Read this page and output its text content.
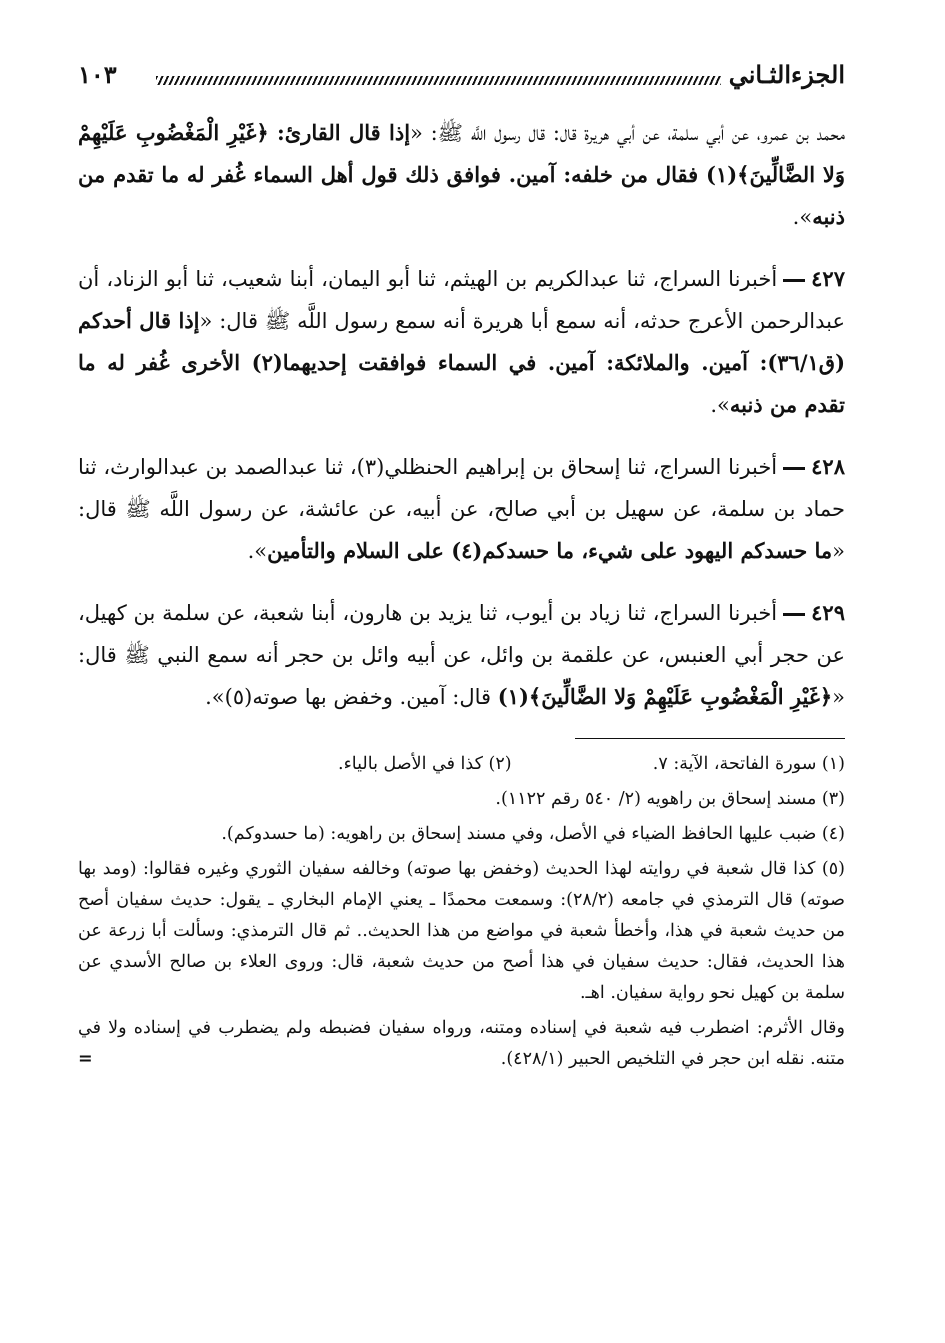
الجزءالثـاني
١٠٣

محمد بن عمرو، عن أبي سلمة، عن أبي هريرة قال: قال رسول اللَّه ﷺ: «إذا قال القارئ: ﴿غَيْرِ الْمَغْضُوبِ عَلَيْهِمْ وَلا الضَّالِّينَ﴾(١) فقال من خلفه: آمين. فوافق ذلك قول أهل السماء غُفر له ما تقدم من ذنبه».

٤٢٧أخبرنا السراج، ثنا عبدالكريم بن الهيثم، ثنا أبو اليمان، أبنا شعيب، ثنا أبو الزناد، أن عبدالرحمن الأعرج حدثه، أنه سمع أبا هريرة أنه سمع رسول اللَّه ﷺ قال: «إذا قال أحدكم (ق٣٦/١): آمين. والملائكة: آمين. في السماء فوافقت إحديهما(٢) الأخرى غُفر له ما تقدم من ذنبه».

٤٢٨أخبرنا السراج، ثنا إسحاق بن إبراهيم الحنظلي(٣)، ثنا عبدالصمد بن عبدالوارث، ثنا حماد بن سلمة، عن سهيل بن أبي صالح، عن أبيه، عن عائشة، عن رسول اللَّه ﷺ قال: «ما حسدكم اليهود على شيء، ما حسدكم(٤) على السلام والتأمين».

٤٢٩أخبرنا السراج، ثنا زياد بن أيوب، ثنا يزيد بن هارون، أبنا شعبة، عن سلمة بن كهيل، عن حجر أبي العنبس، عن علقمة بن وائل، عن أبيه وائل بن حجر أنه سمع النبي ﷺ قال: «﴿غَيْرِ الْمَغْضُوبِ عَلَيْهِمْ وَلا الضَّالِّينَ﴾(١) قال: آمين. وخفض بها صوته(٥)».

(١) سورة الفاتحة، الآية: ٧.
(٢) كذا في الأصل بالياء.
(٣) مسند إسحاق بن راهويه (٢/ ٥٤٠ رقم ١١٢٢).
(٤) ضبب عليها الحافظ الضياء في الأصل، وفي مسند إسحاق بن راهويه: (ما حسدوكم).
(٥) كذا قال شعبة في روايته لهذا الحديث (وخفض بها صوته) وخالفه سفيان الثوري وغيره فقالوا: (ومد بها صوته) قال الترمذي في جامعه (٢٨/٢): وسمعت محمدًا ـ يعني الإمام البخاري ـ يقول: حديث سفيان أصح من حديث شعبة في هذا، وأخطأ شعبة في مواضع من هذا الحديث.. ثم قال الترمذي: وسألت أبا زرعة عن هذا الحديث، فقال: حديث سفيان في هذا أصح من حديث شعبة، قال: وروى العلاء بن صالح الأسدي عن سلمة بن كهيل نحو رواية سفيان. اهـ.
وقال الأثرم: اضطرب فيه شعبة في إسناده ومتنه، ورواه سفيان فضبطه ولم يضطرب في إسناده ولا في متنه. نقله ابن حجر في التلخيص الحبير (٤٢٨/١).
=
